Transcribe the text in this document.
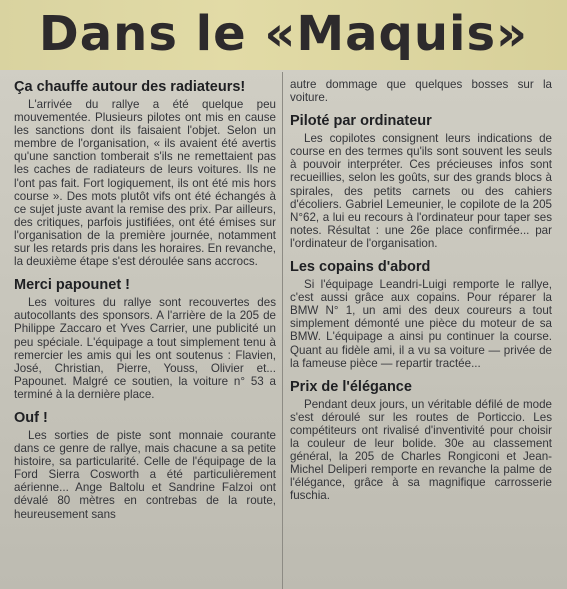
Dans le «Maquis»
Ça chauffe autour des radiateurs!

L'arrivée du rallye a été quelque peu mouvementée. Plusieurs pilotes ont mis en cause les sanctions dont ils faisaient l'objet. Selon un membre de l'organisation, « ils avaient été avertis qu'une sanction tomberait s'ils ne remettaient pas les caches de radiateurs de leurs voitures. Ils ne l'ont pas fait. Fort logiquement, ils ont été mis hors course ». Des mots plutôt vifs ont été échangés à ce sujet juste avant la remise des prix. Par ailleurs, des critiques, parfois justifiées, ont été émises sur l'organisation de la première journée, notamment sur les retards pris dans les horaires. En revanche, la deuxième étape s'est déroulée sans accrocs.

Merci papounet !

Les voitures du rallye sont recouvertes des autocollants des sponsors. A l'arrière de la 205 de Philippe Zaccaro et Yves Carrier, une publicité un peu spéciale. L'équipage a tout simplement tenu à remercier les amis qui les ont soutenus : Flavien, José, Christian, Pierre, Youss, Olivier et... Papounet. Malgré ce soutien, la voiture n° 53 a terminé à la dernière place.

Ouf !

Les sorties de piste sont monnaie courante dans ce genre de rallye, mais chacune a sa petite histoire, sa particularité. Celle de l'équipage de la Ford Sierra Cosworth a été particulièrement aérienne... Ange Baltolu et Sandrine Falzoi ont dévalé 80 mètres en contrebas de la route, heureusement sans

autre dommage que quelques bosses sur la voiture.

Piloté par ordinateur

Les copilotes consignent leurs indications de course en des termes qu'ils sont souvent les seuls à pouvoir interpréter. Ces précieuses infos sont recueillies, selon les goûts, sur des grands blocs à spirales, des petits carnets ou des cahiers d'écoliers. Gabriel Lemeunier, le copilote de la 205 N°62, a lui eu recours à l'ordinateur pour taper ses notes. Résultat : une 26e place confirmée... par l'ordinateur de l'organisation.

Les copains d'abord

Si l'équipage Leandri-Luigi remporte le rallye, c'est aussi grâce aux copains. Pour réparer la BMW N° 1, un ami des deux coureurs a tout simplement démonté une pièce du moteur de sa BMW. L'équipage a ainsi pu continuer la course. Quant au fidèle ami, il a vu sa voiture — privée de la fameuse pièce — repartir tractée...

Prix de l'élégance

Pendant deux jours, un véritable défilé de mode s'est déroulé sur les routes de Porticcio. Les compétiteurs ont rivalisé d'inventivité pour choisir la couleur de leur bolide. 30e au classement général, la 205 de Charles Rongiconi et Jean-Michel Deliperi remporte en revanche la palme de l'élégance, grâce à sa magnifique carrosserie fuschia.
